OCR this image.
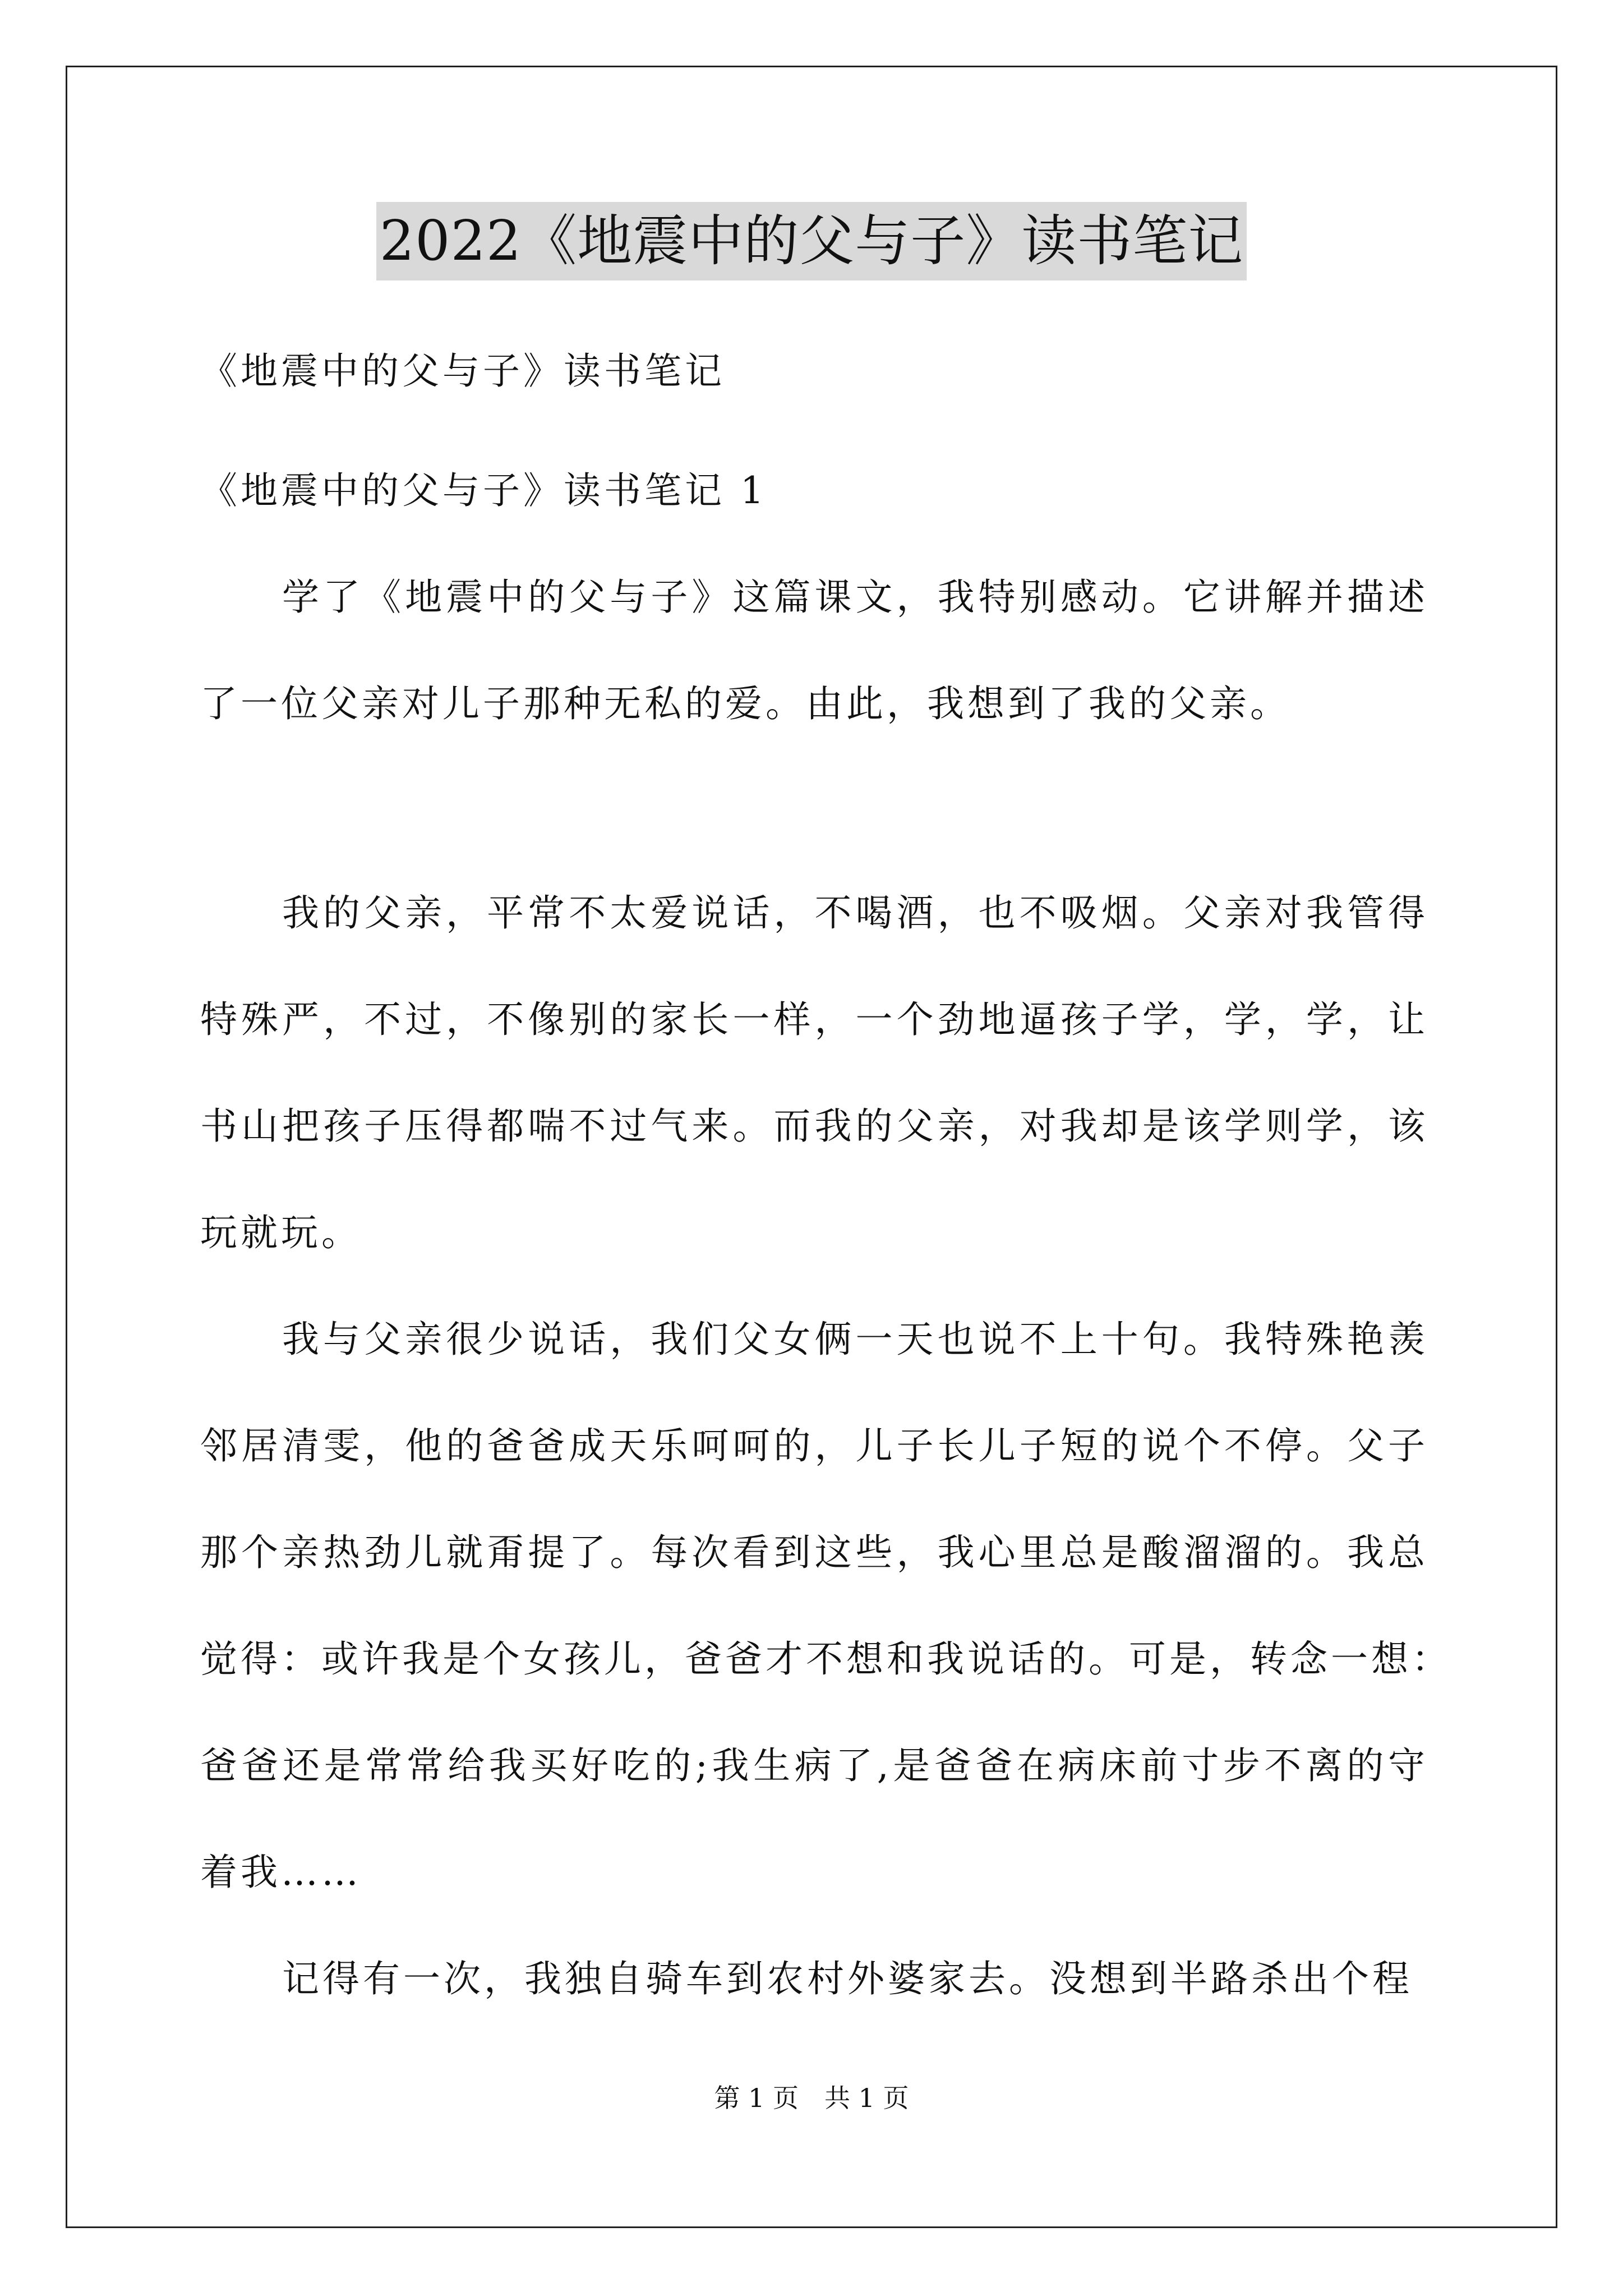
2022《地震中的父与子》读书笔记
《地震中的父与子》读书笔记
《地震中的父与子》读书笔记 1
学了《地震中的父与子》这篇课文，我特别感动。它讲解并描述
了一位父亲对儿子那种无私的爱。由此，我想到了我的父亲。
我的父亲，平常不太爱说话，不喝酒，也不吸烟。父亲对我管得
特殊严，不过，不像别的家长一样，一个劲地逼孩子学，学，学，让
书山把孩子压得都喘不过气来。而我的父亲，对我却是该学则学，该
玩就玩。
我与父亲很少说话，我们父女俩一天也说不上十句。我特殊艳羡
邻居清雯，他的爸爸成天乐呵呵的，儿子长儿子短的说个不停。父子
那个亲热劲儿就甭提了。每次看到这些，我心里总是酸溜溜的。我总
觉得：或许我是个女孩儿，爸爸才不想和我说话的。可是，转念一想：
爸爸还是常常给我买好吃的;我生病了,是爸爸在病床前寸步不离的守
着我……
记得有一次，我独自骑车到农村外婆家去。没想到半路杀出个程
第 1 页　共 1 页
